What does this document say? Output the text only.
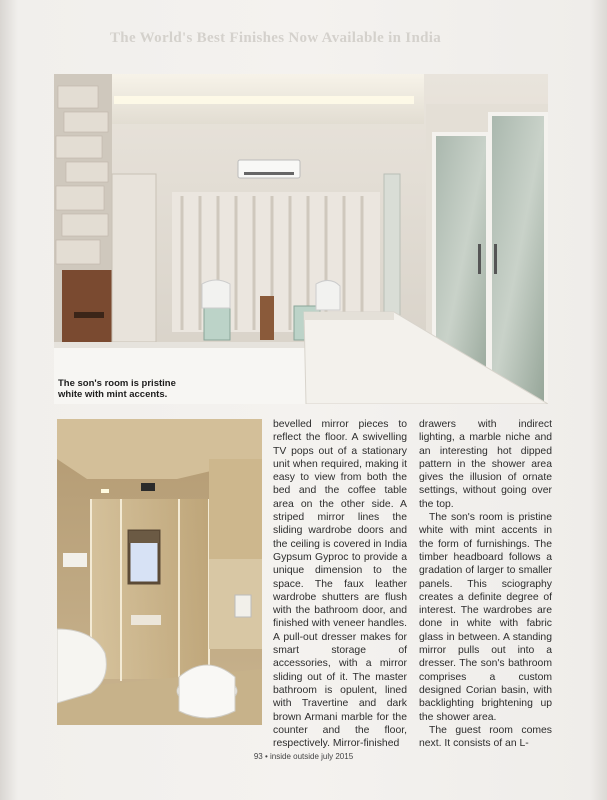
The World's Best Finishes Now Available in India
The son's room is pristine white with mint accents.

bevelled mirror pieces to reflect the floor. A swivelling TV pops out of a stationary unit when required, making it easy to view from both the bed and the coffee table area on the other side. A striped mirror lines the sliding wardrobe doors and the ceiling is covered in India Gypsum Gyproc to provide a unique dimension to the space. The faux leather wardrobe shutters are flush with the bathroom door, and finished with veneer handles. A pull-out dresser makes for smart storage of accessories, with a mirror sliding out of it. The master bathroom is opulent, lined with Travertine and dark brown Armani marble for the counter and the floor, respectively. Mirror-finished

drawers with indirect lighting, a marble niche and an interesting hot dipped pattern in the shower area gives the illusion of ornate settings, without going over the top.

The son's room is pristine white with mint accents in the form of furnishings. The timber headboard follows a gradation of larger to smaller panels. This sciography creates a definite degree of interest. The wardrobes are done in white with fabric glass in between. A standing mirror pulls out into a dresser. The son's bathroom comprises a custom designed Corian basin, with backlighting brightening up the shower area.

The guest room comes next. It consists of an L-

93 • inside outside july 2015
